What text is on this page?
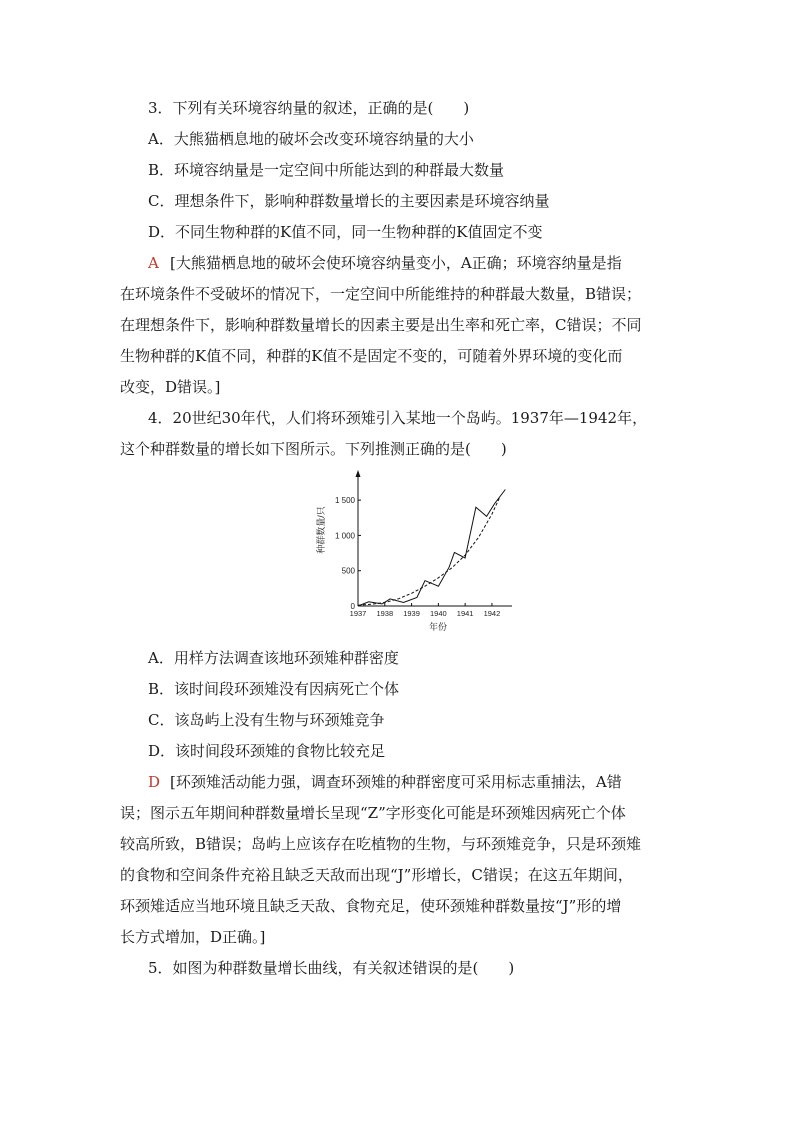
3．下列有关环境容纳量的叙述，正确的是(　　)
A．大熊猫栖息地的破坏会改变环境容纳量的大小
B．环境容纳量是一定空间中所能达到的种群最大数量
C．理想条件下，影响种群数量增长的主要因素是环境容纳量
D．不同生物种群的K值不同，同一生物种群的K值固定不变
A [大熊猫栖息地的破坏会使环境容纳量变小，A正确；环境容纳量是指
在环境条件不受破坏的情况下，一定空间中所能维持的种群最大数量，B错误；
在理想条件下，影响种群数量增长的因素主要是出生率和死亡率，C错误；不同
生物种群的K值不同，种群的K值不是固定不变的，可随着外界环境的变化而
改变，D错误。]
4．20世纪30年代，人们将环颈雉引入某地一个岛屿。1937年—1942年，
这个种群数量的增长如下图所示。下列推测正确的是(　　)
0
500
1 000
1 500
1937 1938 1939 1940 1941 1942
种群数量/只
年份
A．用样方法调查该地环颈雉种群密度
B．该时间段环颈雉没有因病死亡个体
C．该岛屿上没有生物与环颈雉竞争
D．该时间段环颈雉的食物比较充足
D [环颈雉活动能力强，调查环颈雉的种群密度可采用标志重捕法，A错
误；图示五年期间种群数量增长呈现“Z”字形变化可能是环颈雉因病死亡个体
较高所致，B错误；岛屿上应该存在吃植物的生物，与环颈雉竞争，只是环颈雉
的食物和空间条件充裕且缺乏天敌而出现“J”形增长，C错误；在这五年期间，
环颈雉适应当地环境且缺乏天敌、食物充足，使环颈雉种群数量按“J”形的增
长方式增加，D正确。]
5．如图为种群数量增长曲线，有关叙述错误的是(　　)
